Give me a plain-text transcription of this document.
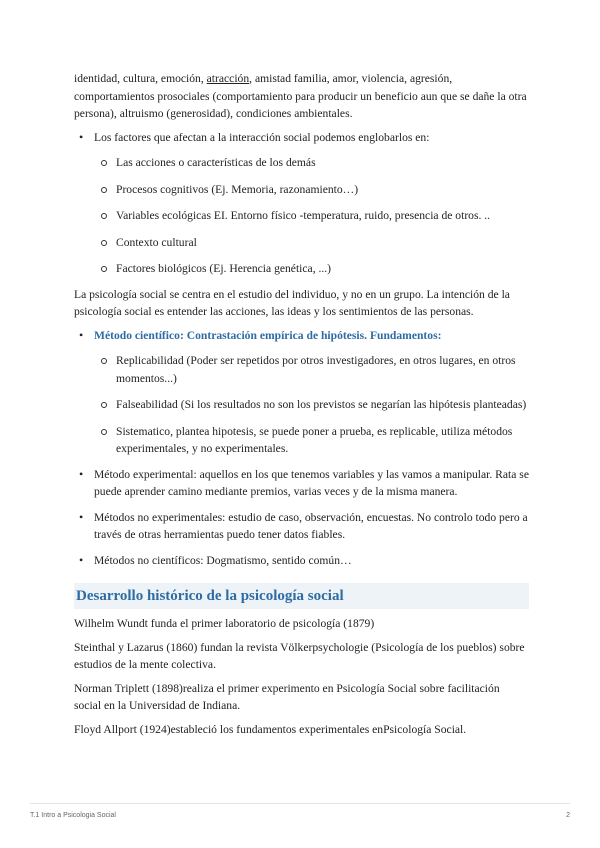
identidad, cultura, emoción, atracción, amistad familia, amor, violencia, agresión, comportamientos prosociales (comportamiento para producir un beneficio aun que se dañe la otra persona), altruismo (generosidad), condiciones ambientales.

• Los factores que afectan a la interacción social podemos englobarlos en:
Las acciones o características de los demás
Procesos cognitivos (Ej. Memoria, razonamiento…)
Variables ecológicas EI. Entorno físico -temperatura, ruido, presencia de otros. ..
Contexto cultural
Factores biológicos (Ej. Herencia genética, ...)

La psicología social se centra en el estudio del individuo, y no en un grupo. La intención de la psicología social es entender las acciones, las ideas y los sentimientos de las personas.

• Método científico: Contrastación empírica de hipótesis. Fundamentos:
Replicabilidad (Poder ser repetidos por otros investigadores, en otros lugares, en otros momentos...)
Falseabilidad (Si los resultados no son los previstos se negarían las hipótesis planteadas)
Sistematico, plantea hipotesis, se puede poner a prueba, es replicable, utiliza métodos experimentales, y no experimentales.
• Método experimental: aquellos en los que tenemos variables y las vamos a manipular. Rata se puede aprender camino mediante premios, varias veces y de la misma manera.
• Métodos no experimentales: estudio de caso, observación, encuestas. No controlo todo pero a través de otras herramientas puedo tener datos fiables.
• Métodos no científicos: Dogmatismo, sentido común…
Desarrollo histórico de la psicología social

Wilhelm Wundt funda el primer laboratorio de psicología (1879)

Steinthal y Lazarus (1860) fundan la revista Völkerpsychologie (Psicología de los pueblos) sobre estudios de la mente colectiva.

Norman Triplett (1898)realiza el primer experimento en Psicología Social sobre facilitación social en la Universidad de Indiana.

Floyd Allport (1924)estableció los fundamentos experimentales enPsicología Social.

T.1 Intro a Psicologia Social	2
